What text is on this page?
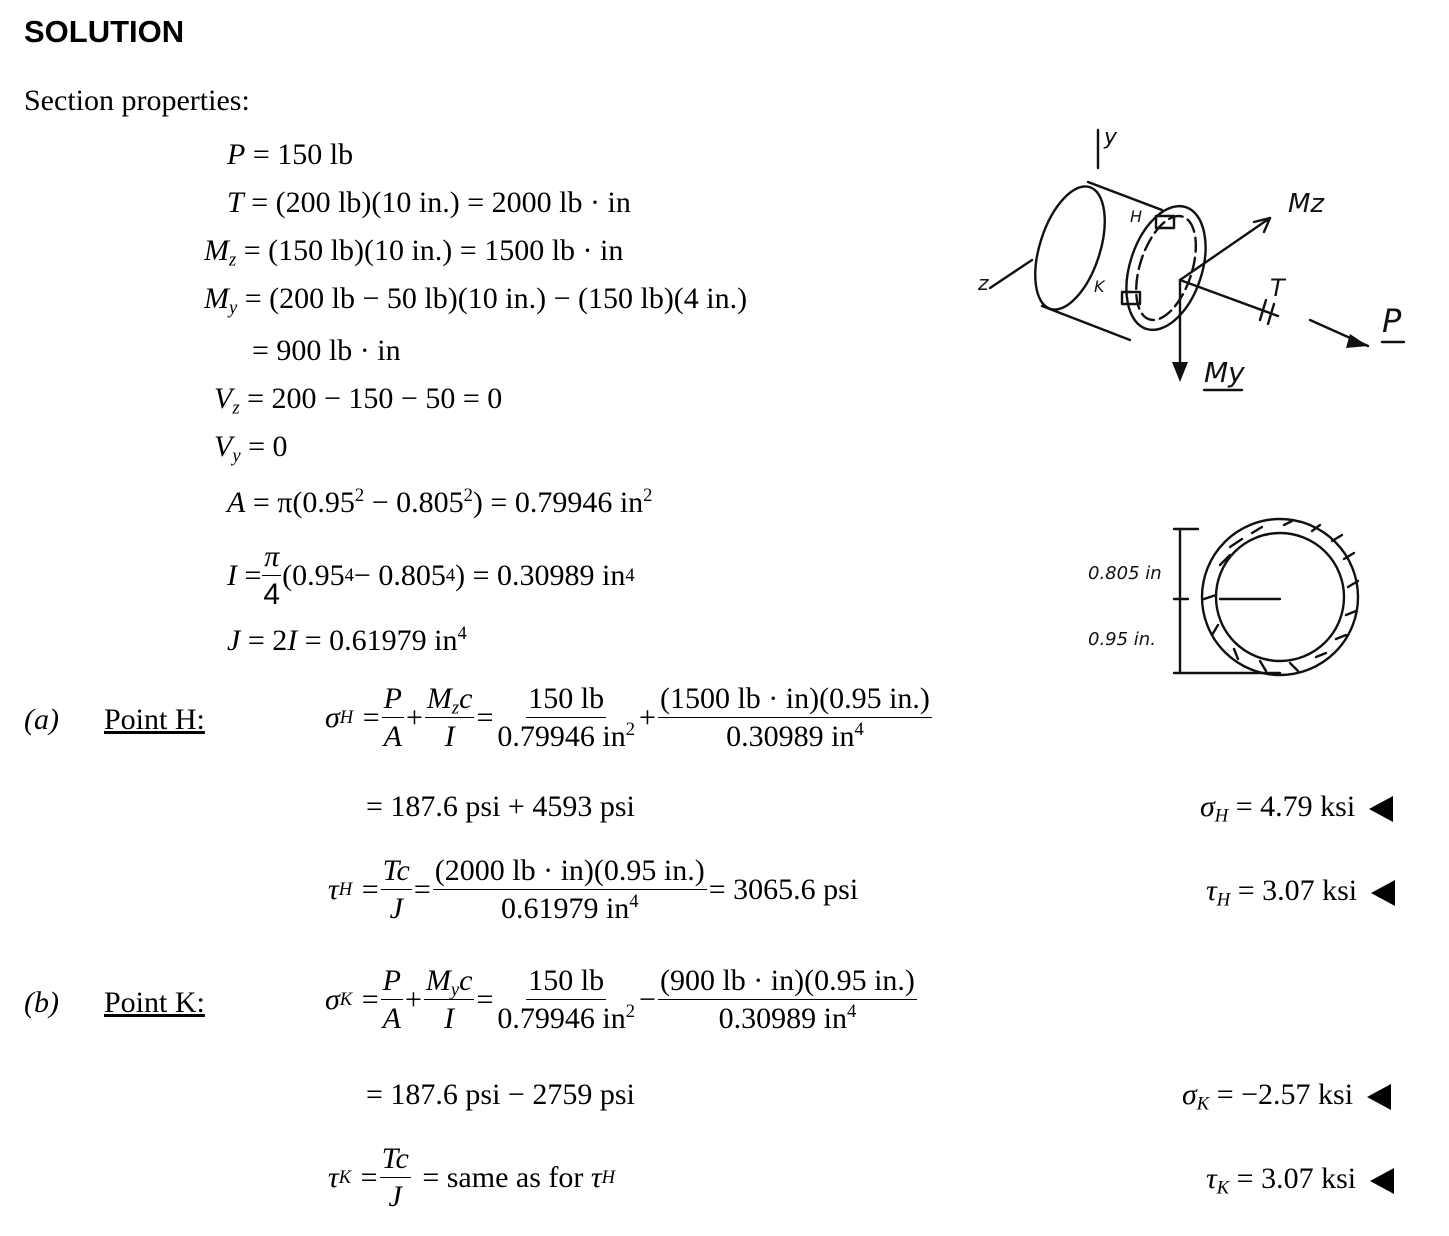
SOLUTION
Section properties:
P = 150 lb
T = (200 lb)(10 in.) = 2000 lb · in
$M_z = (150$ lb)(10 in.) = 1500 lb · in
$M_y = (200$ lb − 50 lb)(10 in.) − (150 lb)(4 in.)
= 900 lb · in
$V_z = 200 - 150 - 50 = 0$
$V_y = 0$
$A = \pi(0.95^2 - 0.805^2) = 0.79946$ $in^2$
I
= $\frac{\pi}{4} (0.95$ 4 − 0.805 4 ) = 0.30989 in 4
J = 2I = 0.61979 $in^4$
(a) Point H:	σ $H = \frac{P}{A} + \frac{M_zc}{I} = \frac{150 lb}{0.79946 in^2} + \frac{(1500 lb \cdot in)(0.95 in.)}{0.30989 in^4}$
= 187.6 psi + 4593 psi	$\sigma_H = 4.79$ ksi
τ $H = \frac{Tc}{J} = \frac{(2000 lb \cdot in)(0.95 in.)}{0.61979 in^4} = 3065.6$ psi	$\tau_H = 3.07$ ksi
(b) Point K:	σ $K = \frac{P}{A} + \frac{M_yc}{I} = \frac{150 lb}{0.79946 in^2} - \frac{(900 lb \cdot in)(0.95 in.)}{0.30989 in^4}$
= 187.6 psi − 2759 psi	$\sigma_K = -2.57$ ksi
τ $K = \frac{Tc}{J}$
= same as for
τ H	$\tau_K = 3.07$ ksi
y
z
H
K
Mz
T
P
My
0.805 in
0.95 in.
